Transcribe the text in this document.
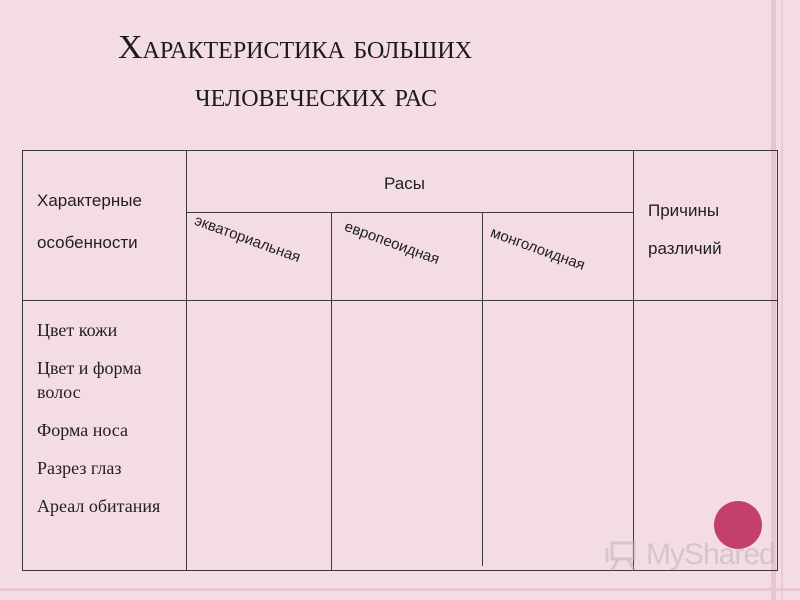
Характеристика больших
человеческих рас
Характерные
особенности
Расы
экваториальная	европеоидная	монголоидная
Причины
различий
Цвет кожи
Цвет и форма волос
Форма носа
Разрез глаз
Ареал обитания
MyShared
